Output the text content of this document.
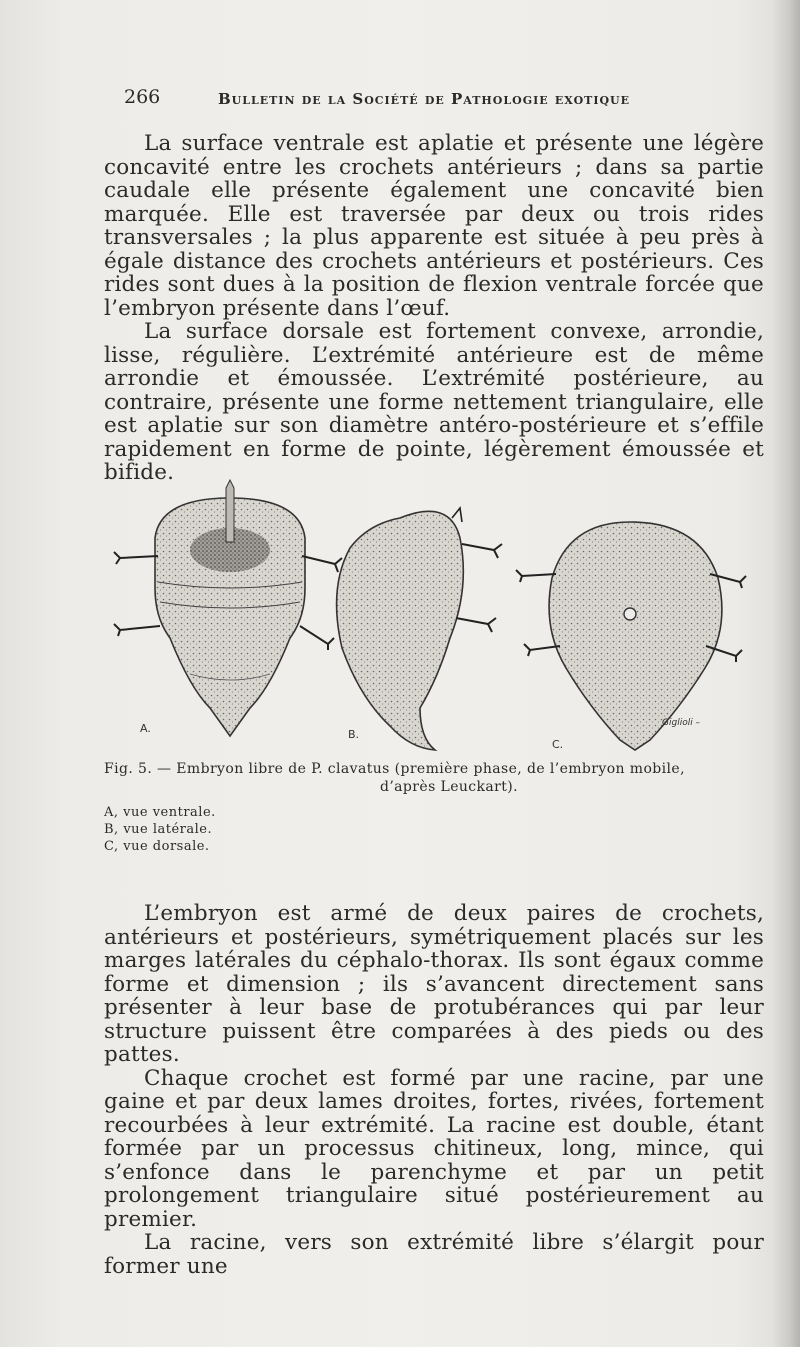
266	Bulletin de la Société de Pathologie exotique

La surface ventrale est aplatie et présente une légère concavité entre les crochets antérieurs ; dans sa partie caudale elle présente également une concavité bien marquée. Elle est traversée par deux ou trois rides transversales ; la plus apparente est située à peu près à égale distance des crochets antérieurs et postérieurs. Ces rides sont dues à la position de flexion ventrale forcée que l’embryon présente dans l’œuf.

La surface dorsale est fortement convexe, arrondie, lisse, régulière. L’extrémité antérieure est de même arrondie et émoussée. L’extrémité postérieure, au contraire, présente une forme nettement triangulaire, elle est aplatie sur son diamètre antéro-postérieure et s’effile rapidement en forme de pointe, légèrement émoussée et bifide.

A.	B.
C.
Giglioli –
Fig. 5. — Embryon libre de P. clavatus (première phase, de l’embryon mobile,
d’après Leuckart).
A, vue ventrale.
B, vue latérale.
C, vue dorsale.

L’embryon est armé de deux paires de crochets, antérieurs et postérieurs, symétriquement placés sur les marges latérales du céphalo-thorax. Ils sont égaux comme forme et dimension ; ils s’avancent directement sans présenter à leur base de protubérances qui par leur structure puissent être comparées à des pieds ou des pattes.

Chaque crochet est formé par une racine, par une gaine et par deux lames droites, fortes, rivées, fortement recourbées à leur extrémité. La racine est double, étant formée par un processus chitineux, long, mince, qui s’enfonce dans le parenchyme et par un petit prolongement triangulaire situé postérieurement au premier.

La racine, vers son extrémité libre s’élargit pour former une
